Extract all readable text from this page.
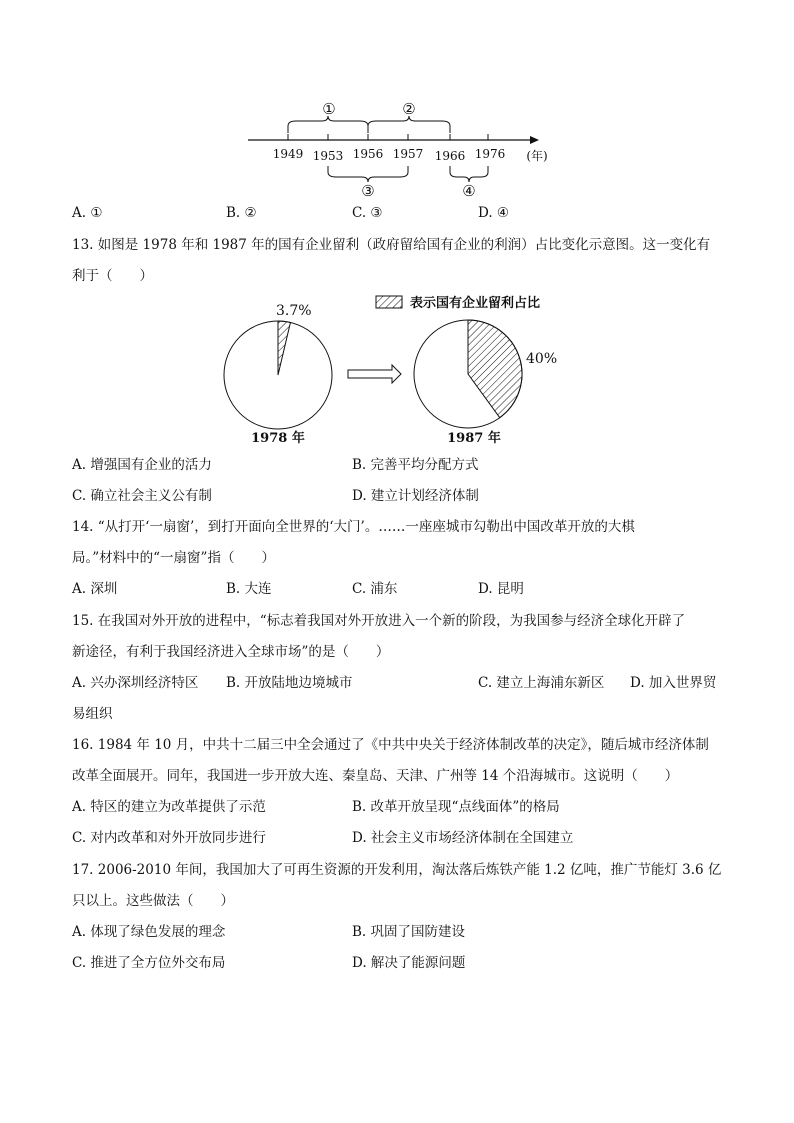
1949 1953 1956 1957 1966 1976 (年)
①	②
③	④
A. ①	B. ②	C. ③	D. ④
13. 如图是 1978 年和 1987 年的国有企业留利（政府留给国有企业的利润）占比变化示意图。这一变化有
利于（　　）
3.7%
1978 年
40%
1987 年
表示国有企业留利占比
A. 增强国有企业的活力	B. 完善平均分配方式
C. 确立社会主义公有制	D. 建立计划经济体制
14. “从打开‘一扇窗’，到打开面向全世界的‘大门’。……一座座城市勾勒出中国改革开放的大棋
局。”材料中的“一扇窗”指（　　）
A. 深圳	B. 大连	C. 浦东	D. 昆明
15. 在我国对外开放的进程中，“标志着我国对外开放进入一个新的阶段，为我国参与经济全球化开辟了
新途径，有利于我国经济进入全球市场”的是（　　）
A. 兴办深圳经济特区 B. 开放陆地边境城市	C. 建立上海浦东新区 D. 加入世界贸
易组织
16. 1984 年 10 月，中共十二届三中全会通过了《中共中央关于经济体制改革的决定》，随后城市经济体制
改革全面展开。同年，我国进一步开放大连、秦皇岛、天津、广州等 14 个沿海城市。这说明（　　）
A. 特区的建立为改革提供了示范	B. 改革开放呈现“点线面体”的格局
C. 对内改革和对外开放同步进行	D. 社会主义市场经济体制在全国建立
17. 2006-2010 年间，我国加大了可再生资源的开发利用，淘汰落后炼铁产能 1.2 亿吨，推广节能灯 3.6 亿
只以上。这些做法（　　）
A. 体现了绿色发展的理念	B. 巩固了国防建设
C. 推进了全方位外交布局	D. 解决了能源问题
